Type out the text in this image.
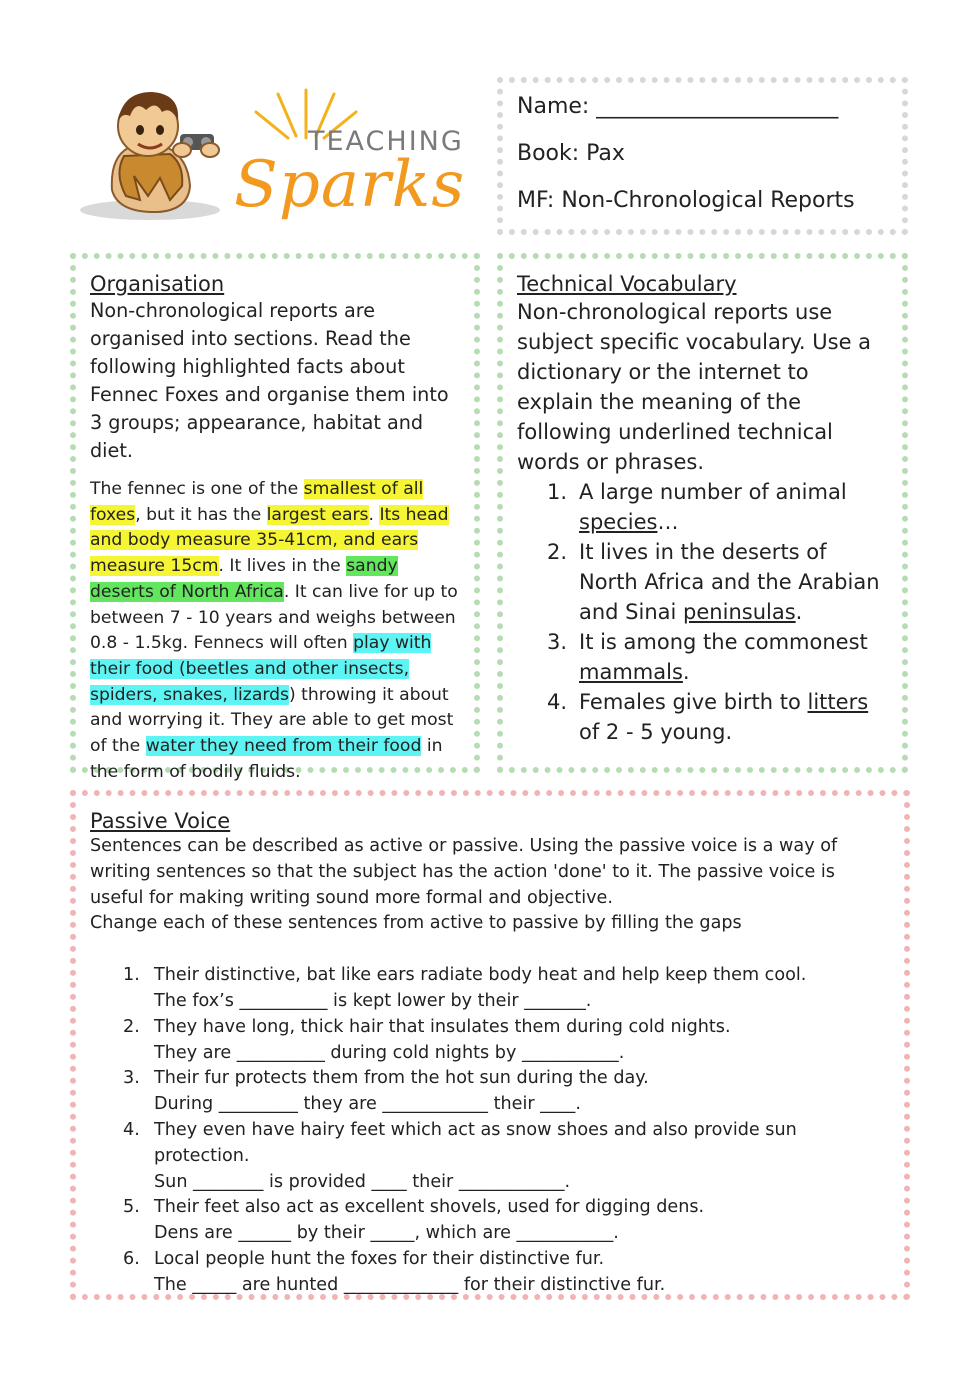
TEACHING
Sparks
Name: ______________________
Book: Pax
MF: Non-Chronological Reports
Organisation
Non-chronological reports are organised into sections. Read the following highlighted facts about Fennec Foxes and organise them into 3 groups; appearance, habitat and diet.
The fennec is one of the smallest of all foxes, but it has the largest ears. Its head and body measure 35-41cm, and ears measure 15cm. It lives in the sandy deserts of North Africa. It can live for up to between 7 - 10 years and weighs between 0.8 - 1.5kg. Fennecs will often play with their food (beetles and other insects, spiders, snakes, lizards) throwing it about and worrying it. They are able to get most of the water they need from their food in the form of bodily fluids.
Technical Vocabulary
Non-chronological reports use subject specific vocabulary. Use a dictionary or the internet to explain the meaning of the following underlined technical words or phrases.
1. A large number of animal species…
2. It lives in the deserts of North Africa and the Arabian and Sinai peninsulas.
3. It is among the commonest mammals.
4. Females give birth to litters of 2 - 5 young.
Passive Voice
Sentences can be described as active or passive. Using the passive voice is a way of writing sentences so that the subject has the action 'done' to it. The passive voice is useful for making writing sound more formal and objective.
Change each of these sentences from active to passive by filling the gaps
1. Their distinctive, bat like ears radiate body heat and help keep them cool.
The fox’s __________ is kept lower by their _______.
2. They have long, thick hair that insulates them during cold nights.
They are __________ during cold nights by ___________.
3. Their fur protects them from the hot sun during the day.
During _________ they are ____________ their ____.
4. They even have hairy feet which act as snow shoes and also provide sun protection.
Sun ________ is provided ____ their ____________.
5. Their feet also act as excellent shovels, used for digging dens.
Dens are ______ by their _____, which are ___________.
6. Local people hunt the foxes for their distinctive fur.
The _____ are hunted _____________ for their distinctive fur.
